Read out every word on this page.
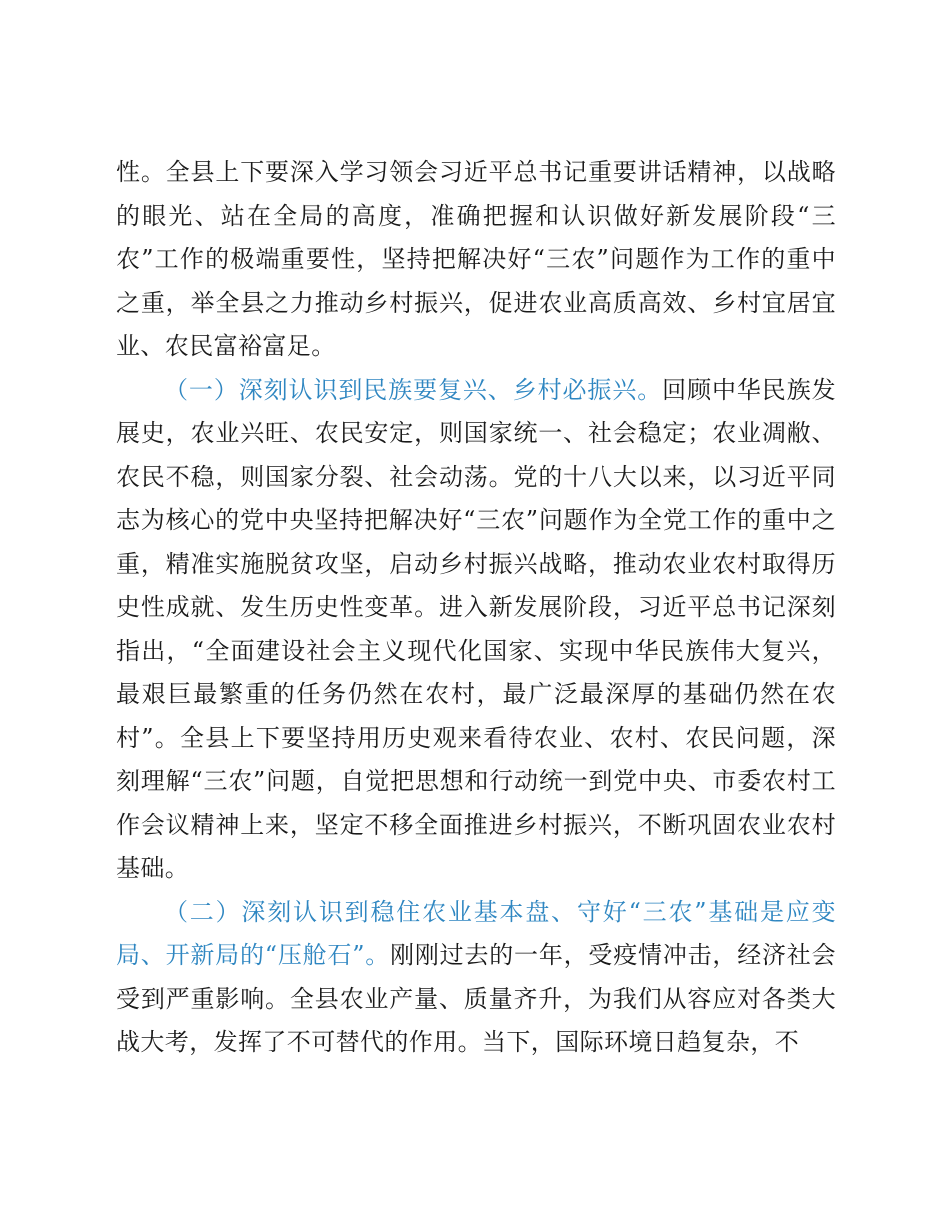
性。全县上下要深入学习领会习近平总书记重要讲话精神，以战略的眼光、站在全局的高度，准确把握和认识做好新发展阶段“三农”工作的极端重要性，坚持把解决好“三农”问题作为工作的重中之重，举全县之力推动乡村振兴，促进农业高质高效、乡村宜居宜业、农民富裕富足。

（一）深刻认识到民族要复兴、乡村必振兴。回顾中华民族发展史，农业兴旺、农民安定，则国家统一、社会稳定；农业凋敝、农民不稳，则国家分裂、社会动荡。党的十八大以来，以习近平同志为核心的党中央坚持把解决好“三农”问题作为全党工作的重中之重，精准实施脱贫攻坚，启动乡村振兴战略，推动农业农村取得历史性成就、发生历史性变革。进入新发展阶段，习近平总书记深刻指出，“全面建设社会主义现代化国家、实现中华民族伟大复兴，最艰巨最繁重的任务仍然在农村，最广泛最深厚的基础仍然在农村”。全县上下要坚持用历史观来看待农业、农村、农民问题，深刻理解“三农”问题，自觉把思想和行动统一到党中央、市委农村工作会议精神上来，坚定不移全面推进乡村振兴，不断巩固农业农村基础。

（二）深刻认识到稳住农业基本盘、守好“三农”基础是应变局、开新局的“压舱石”。刚刚过去的一年，受疫情冲击，经济社会受到严重影响。全县农业产量、质量齐升，为我们从容应对各类大战大考，发挥了不可替代的作用。当下，国际环境日趋复杂，不
